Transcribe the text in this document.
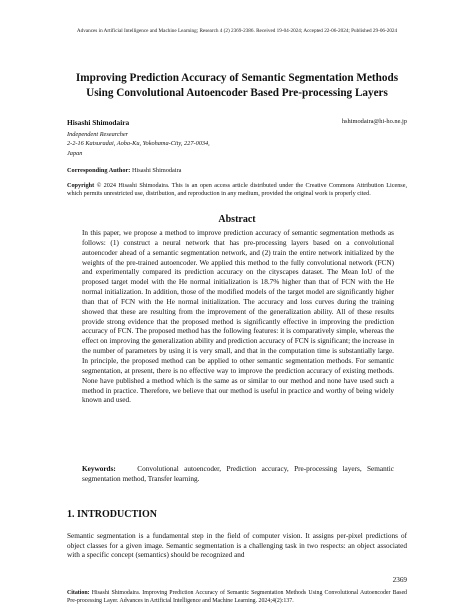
Advances in Artificial Intelligence and Machine Learning; Research 4 (2) 2369-2386. Received 19-04-2024; Accepted 22-06-2024; Published 29-06-2024
Improving Prediction Accuracy of Semantic Segmentation Methods
Using Convolutional Autoencoder Based Pre-processing Layers
Hisashi Shimodaira	hshimodaira@hi-ho.ne.jp
Independent Researcher
2-2-16 Katsuradai, Aoba-Ku, Yokohama-City, 227-0034,
Japan
Corresponding Author: Hisashi Shimodaira
Copyright © 2024 Hisashi Shimodaira. This is an open access article distributed under the Creative Commons Attribution License, which permits unrestricted use, distribution, and reproduction in any medium, provided the original work is properly cited.
Abstract
In this paper, we propose a method to improve prediction accuracy of semantic segmentation methods as follows: (1) construct a neural network that has pre-processing layers based on a convolutional autoencoder ahead of a semantic segmentation network, and (2) train the entire network initialized by the weights of the pre-trained autoencoder. We applied this method to the fully convolutional network (FCN) and experimentally compared its prediction accuracy on the cityscapes dataset. The Mean IoU of the proposed target model with the He normal initialization is 18.7% higher than that of FCN with the He normal initialization. In addition, those of the modified models of the target model are significantly higher than that of FCN with the He normal initialization. The accuracy and loss curves during the training showed that these are resulting from the improvement of the generalization ability. All of these results provide strong evidence that the proposed method is significantly effective in improving the prediction accuracy of FCN. The proposed method has the following features: it is comparatively simple, whereas the effect on improving the generalization ability and prediction accuracy of FCN is significant; the increase in the number of parameters by using it is very small, and that in the computation time is substantially large. In principle, the proposed method can be applied to other semantic segmentation methods. For semantic segmentation, at present, there is no effective way to improve the prediction accuracy of existing methods. None have published a method which is the same as or similar to our method and none have used such a method in practice. Therefore, we believe that our method is useful in practice and worthy of being widely known and used.
Keywords:	Convolutional autoencoder, Prediction accuracy, Pre-processing layers, Semantic segmentation method, Transfer learning.
1. INTRODUCTION
Semantic segmentation is a fundamental step in the field of computer vision. It assigns per-pixel predictions of object classes for a given image. Semantic segmentation is a challenging task in two respects: an object associated with a specific concept (semantics) should be recognized and
2369
Citation: Hisashi Shimodaira. Improving Prediction Accuracy of Semantic Segmentation Methods Using Convolutional Autoencoder Based Pre-processing Layer. Advances in Artificial Intelligence and Machine Learning. 2024;4(2):137.
